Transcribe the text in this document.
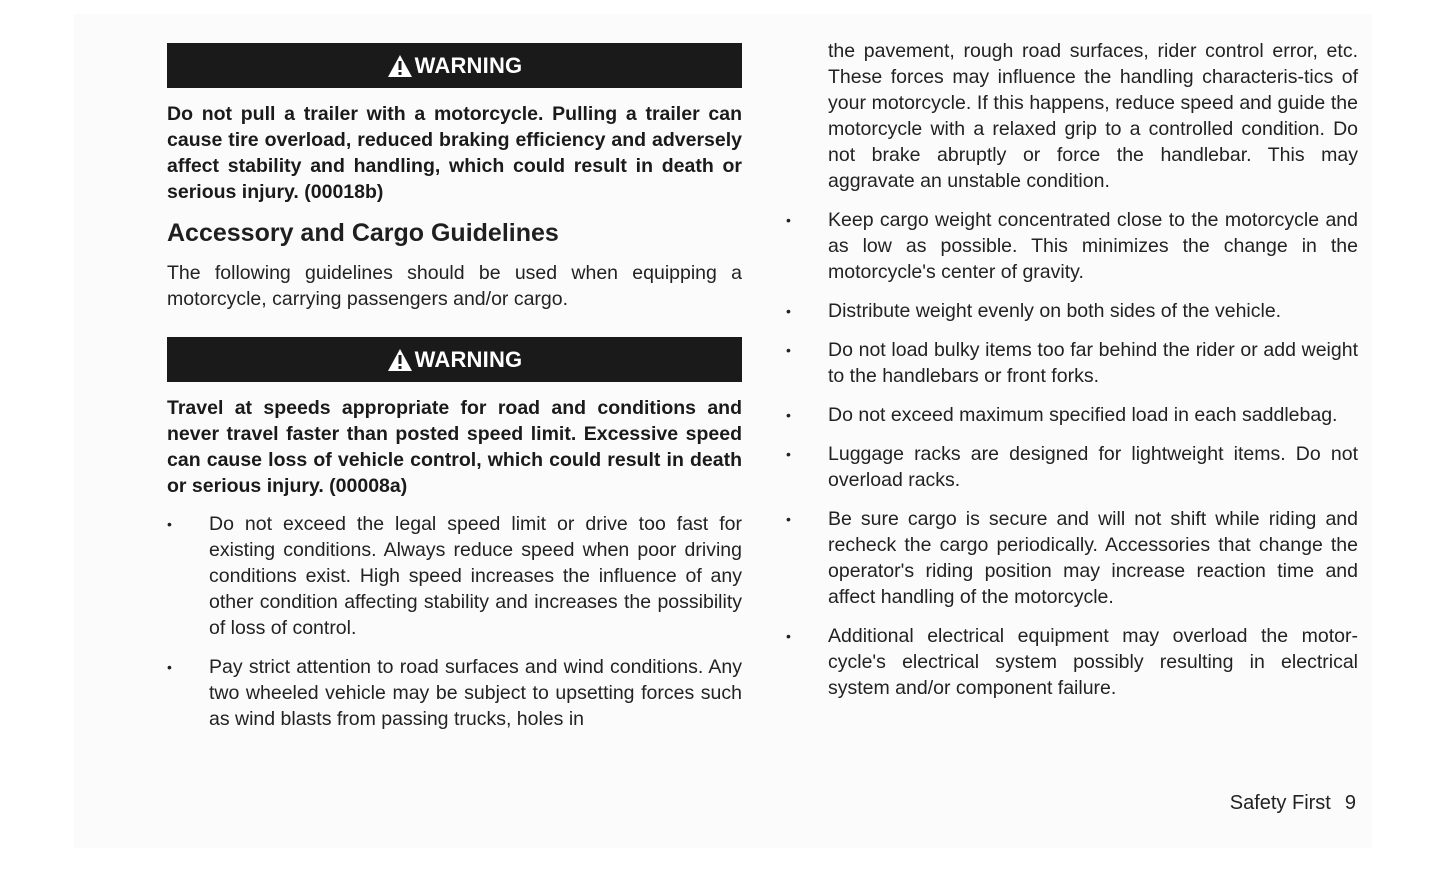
WARNING
Do not pull a trailer with a motorcycle. Pulling a trailer can cause tire overload, reduced braking efficiency and adversely affect stability and handling, which could result in death or serious injury. (00018b)
Accessory and Cargo Guidelines
The following guidelines should be used when equipping a motorcycle, carrying passengers and/or cargo.
WARNING
Travel at speeds appropriate for road and conditions and never travel faster than posted speed limit. Excessive speed can cause loss of vehicle control, which could result in death or serious injury. (00008a)
• Do not exceed the legal speed limit or drive too fast for existing conditions. Always reduce speed when poor driving conditions exist. High speed increases the influence of any other condition affecting stability and increases the possibility of loss of control.
• Pay strict attention to road surfaces and wind conditions. Any two wheeled vehicle may be subject to upsetting forces such as wind blasts from passing trucks, holes in
the pavement, rough road surfaces, rider control error, etc. These forces may influence the handling characteris-tics of your motorcycle. If this happens, reduce speed and guide the motorcycle with a relaxed grip to a controlled condition. Do not brake abruptly or force the handlebar. This may aggravate an unstable condition.
• Keep cargo weight concentrated close to the motorcycle and as low as possible. This minimizes the change in the motorcycle's center of gravity.
• Distribute weight evenly on both sides of the vehicle.
• Do not load bulky items too far behind the rider or add weight to the handlebars or front forks.
• Do not exceed maximum specified load in each saddlebag.
• Luggage racks are designed for lightweight items. Do not overload racks.
• Be sure cargo is secure and will not shift while riding and recheck the cargo periodically. Accessories that change the operator's riding position may increase reaction time and affect handling of the motorcycle.
• Additional electrical equipment may overload the motor-cycle's electrical system possibly resulting in electrical system and/or component failure.
Safety First 9
